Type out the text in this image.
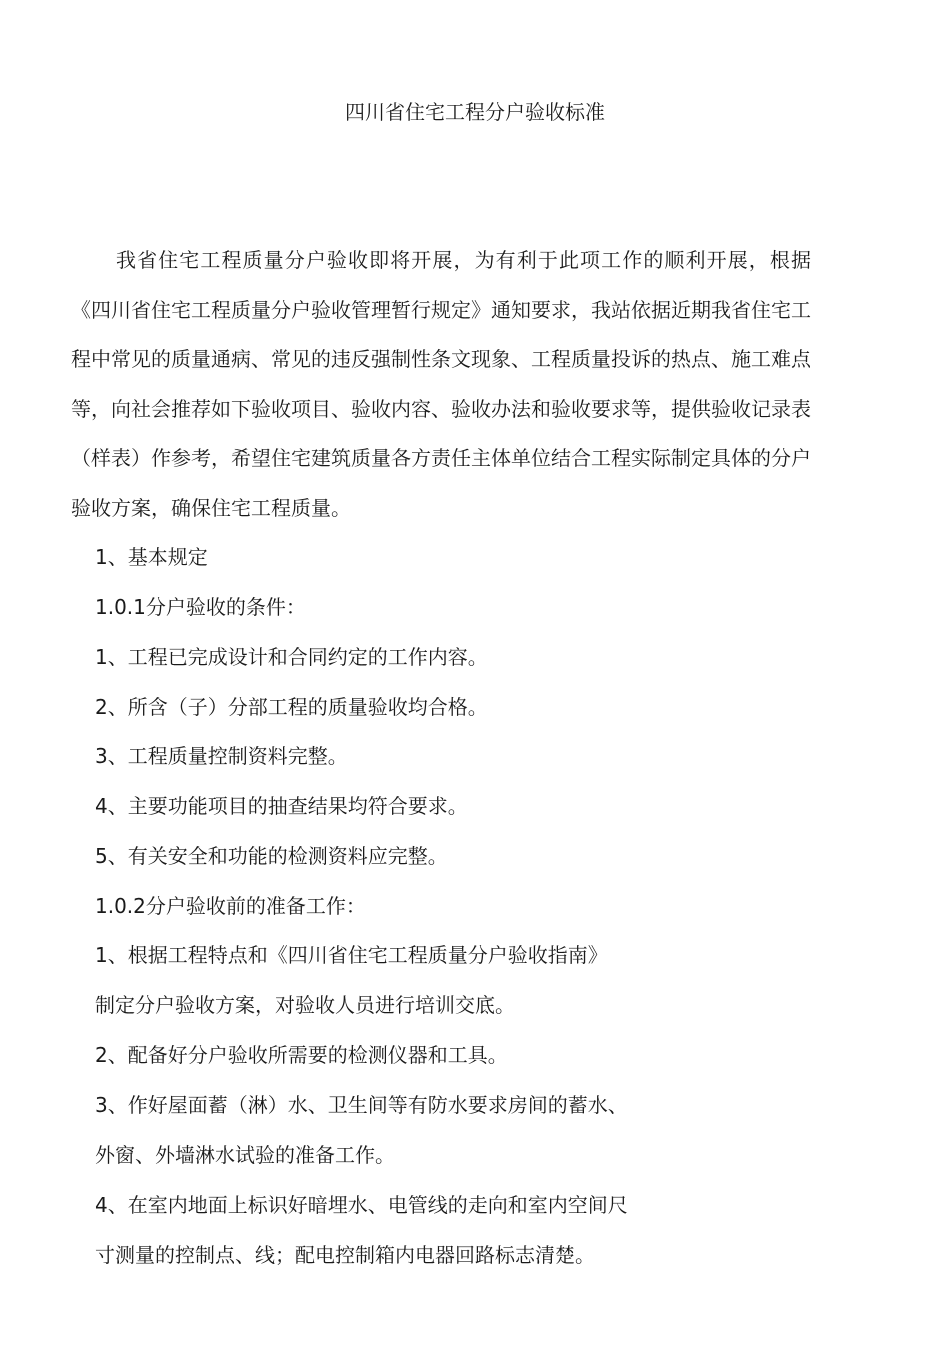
四川省住宅工程分户验收标准

我省住宅工程质量分户验收即将开展，为有利于此项工作的顺利开展，根据《四川省住宅工程质量分户验收管理暂行规定》通知要求，我站依据近期我省住宅工程中常见的质量通病、常见的违反强制性条文现象、工程质量投诉的热点、施工难点等，向社会推荐如下验收项目、验收内容、验收办法和验收要求等，提供验收记录表（样表）作参考，希望住宅建筑质量各方责任主体单位结合工程实际制定具体的分户验收方案，确保住宅工程质量。

1、基本规定

1.0.1分户验收的条件：

1、工程已完成设计和合同约定的工作内容。

2、所含（子）分部工程的质量验收均合格。

3、工程质量控制资料完整。

4、主要功能项目的抽查结果均符合要求。

5、有关安全和功能的检测资料应完整。

1.0.2分户验收前的准备工作：

1、根据工程特点和《四川省住宅工程质量分户验收指南》

制定分户验收方案，对验收人员进行培训交底。

2、配备好分户验收所需要的检测仪器和工具。

3、作好屋面蓄（淋）水、卫生间等有防水要求房间的蓄水、

外窗、外墙淋水试验的准备工作。

4、在室内地面上标识好暗埋水、电管线的走向和室内空间尺

寸测量的控制点、线；配电控制箱内电器回路标志清楚。
